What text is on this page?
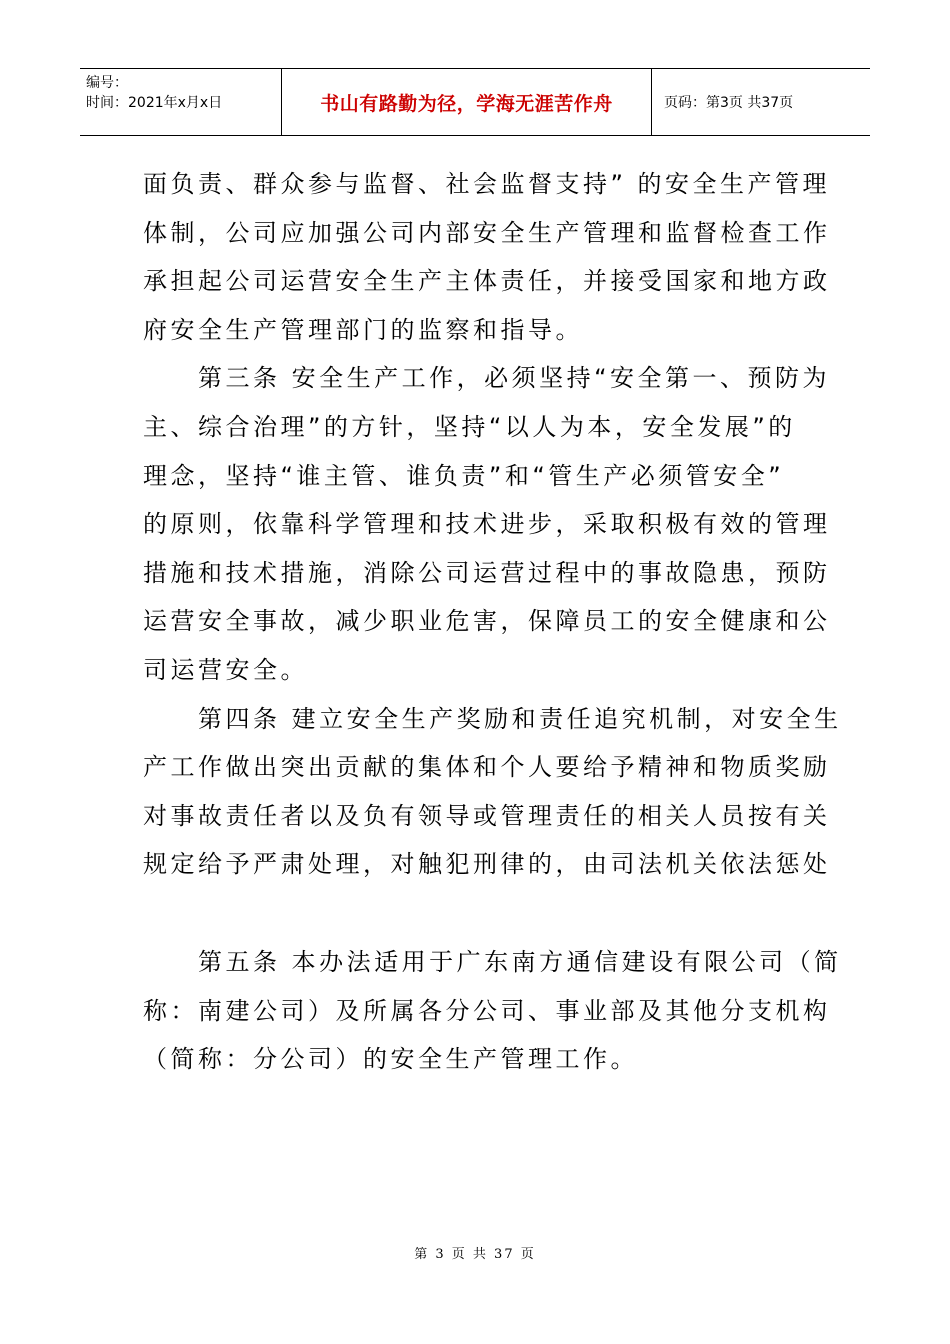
编号：
时间：2021年x月x日	书山有路勤为径，学海无涯苦作舟	页码：第3页 共37页
面负责、群众参与监督、社会监督支持” 的安全生产管理
体制，公司应加强公司内部安全生产管理和监督检查工作
承担起公司运营安全生产主体责任，并接受国家和地方政
府安全生产管理部门的监察和指导。
　　第三条 安全生产工作，必须坚持“安全第一、预防为
主、综合治理”的方针，坚持“以人为本，安全发展”的
理念，坚持“谁主管、谁负责”和“管生产必须管安全”
的原则，依靠科学管理和技术进步，采取积极有效的管理
措施和技术措施，消除公司运营过程中的事故隐患，预防
运营安全事故，减少职业危害，保障员工的安全健康和公
司运营安全。
　　第四条 建立安全生产奖励和责任追究机制，对安全生
产工作做出突出贡献的集体和个人要给予精神和物质奖励
对事故责任者以及负有领导或管理责任的相关人员按有关
规定给予严肃处理，对触犯刑律的，由司法机关依法惩处
　　第五条 本办法适用于广东南方通信建设有限公司（简
称：南建公司）及所属各分公司、事业部及其他分支机构
（简称：分公司）的安全生产管理工作。
第 3 页 共 37 页
